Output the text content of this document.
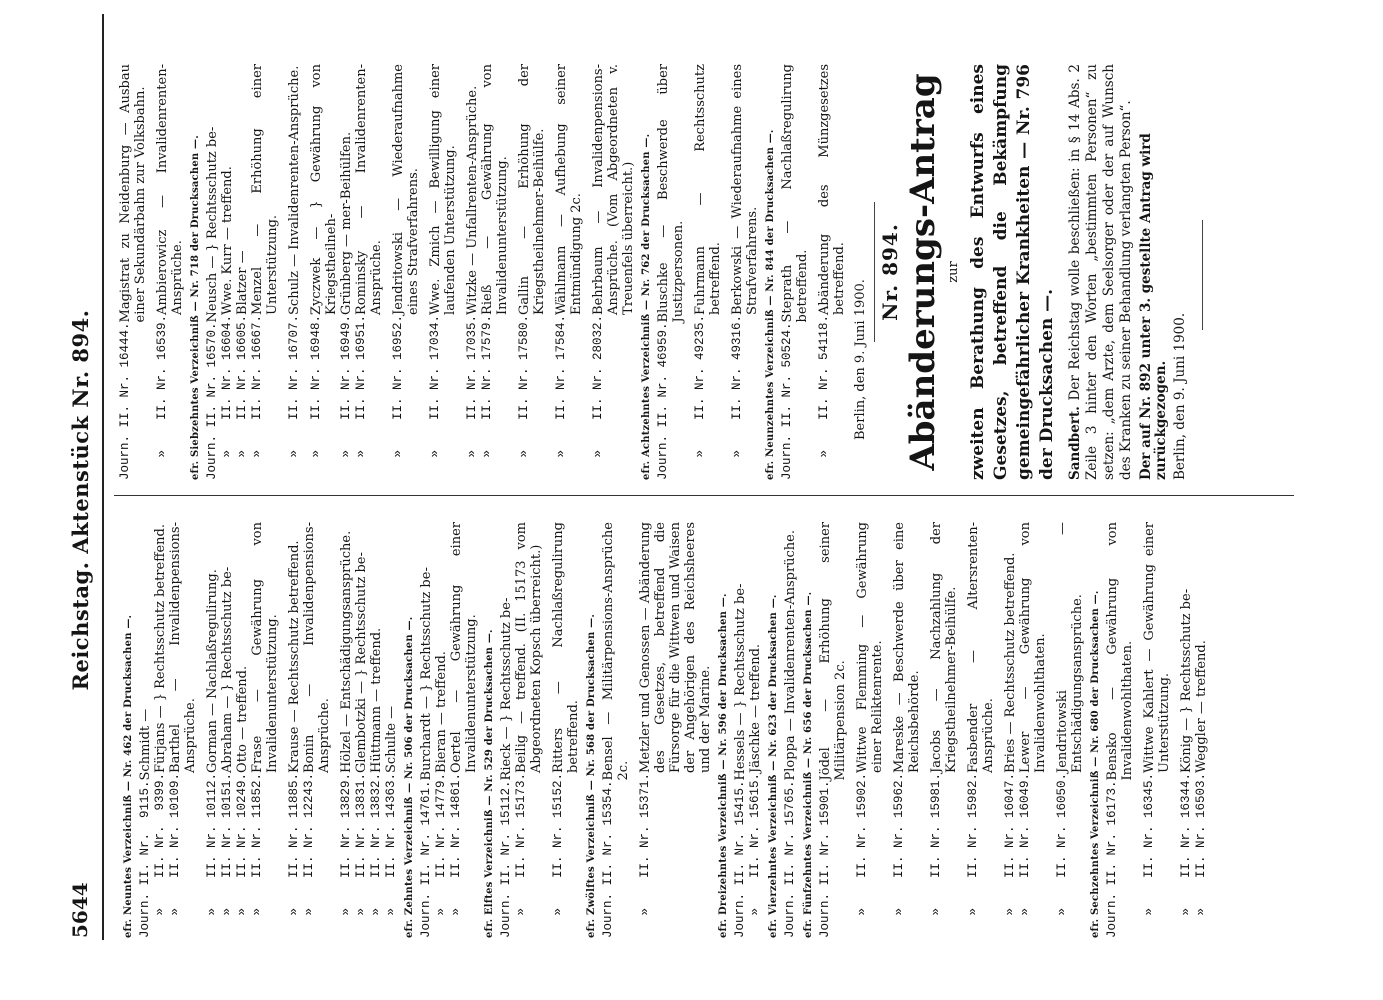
5644
Reichstag. Aktenstück Nr. 894.
efr. Neuntes Verzeichniß — Nr. 462 der Drucksachen —. Journ. II. Nr.  9115.
Schmidt —
»    II. Nr.  9399.
Fürjans — } Rechtsschutz betreffend.
»    II. Nr. 10109.
Barthel — Invalidenpensions-Ansprüche.
»    II. Nr. 10112.
Gorman — Nachlaßregulirung.
»    II. Nr. 10151.
Abraham — } Rechtsschutz be-
»    II. Nr. 10249.
Otto — treffend.
»    II. Nr. 11852.
Frase — Gewährung von Invalidenunterstützung.
»    II. Nr. 11885.
Krause — Rechtsschutz betreffend.
»    II. Nr. 12243.
Bonin — Invalidenpensions-Ansprüche.
»    II. Nr. 13829.
Hölzel — Entschädigungsansprüche.
»    II. Nr. 13831.
Glembotzki — } Rechtsschutz be-
»    II. Nr. 13832.
Hüttmann — treffend.
»    II. Nr. 14363.
Schulte — efr. Zehntes Verzeichniß — Nr. 506 der Drucksachen —. Journ. II. Nr. 14761.
Burchardt — } Rechtsschutz be-
»    II. Nr. 14779.
Bieran — treffend.
»    II. Nr. 14861.
Oertel — Gewährung einer Invalidenunterstützung. efr. Elftes Verzeichniß — Nr. 529 der Drucksachen —. Journ. II. Nr. 15112.
Rieck — } Rechtsschutz be-
»    II. Nr. 15173.
Beilig — treffend. (II. 15173 vom Abgeordneten Kopsch überreicht.)
»    II. Nr. 15152.
Ritters — Nachlaßregulirung betreffend. efr. Zwölftes Verzeichniß — Nr. 568 der Drucksachen —. Journ. II. Nr. 15354.
Bensel — Militärpensions-Ansprüche 2c.
»    II. Nr. 15371.
Metzler und Genossen — Abänderung des Gesetzes, betreffend die Fürsorge für die Wittwen und Waisen der Angehörigen des Reichsheeres und der Marine. efr. Dreizehntes Verzeichniß — Nr. 596 der Drucksachen —. Journ. II. Nr. 15415.
Hessels — } Rechtsschutz be-
»    II. Nr. 15615.
Jäschke — treffend. efr. Vierzehntes Verzeichniß — Nr. 623 der Drucksachen —. Journ. II. Nr. 15765.
Ploppa — Invalidenrenten-Ansprüche. efr. Fünfzehntes Verzeichniß — Nr. 656 der Drucksachen —. Journ. II. Nr. 15901.
Jödel — Erhöhung seiner Militärpension 2c.
»    II. Nr. 15902.
Wittwe Flemming — Gewährung einer Reliktenrente.
»    II. Nr. 15962.
Mareske — Beschwerde über eine Reichsbehörde.
»    II. Nr. 15981.
Jacobs — Nachzahlung der Kriegstheilnehmer-Beihülfe.
»    II. Nr. 15982.
Fasbender — Altersrenten-Ansprüche.
»    II. Nr. 16047.
Bries — Rechtsschutz betreffend.
»    II. Nr. 16049.
Lewer — Gewährung von Invalidenwohlthaten.
»    II. Nr. 16050.
Jendritowski — Entschädigungsansprüche. efr. Sechzehntes Verzeichniß — Nr. 680 der Drucksachen —. Journ. II. Nr. 16173.
Bensko — Gewährung von Invalidenwohlthaten.
»    II. Nr. 16345.
Wittwe Kahlert — Gewährung einer Unterstützung.
»    II. Nr. 16344.
König — } Rechtsschutz be-
»    II. Nr. 16503.
Weggler — treffend.
Journ. II. Nr. 16444.
Magistrat zu Neidenburg — Ausbau einer Sekundärbahn zur Volksbahn.
»    II. Nr. 16539.
Ambierowicz — Invalidenrenten-Ansprüche. efr. Siebzehntes Verzeichniß — Nr. 718 der Drucksachen —. Journ. II. Nr. 16570.
Neusch — } Rechtsschutz be-
»    II. Nr. 16604.
Wwe. Kurr — treffend.
»    II. Nr. 16605.
Blatzer —
»    II. Nr. 16667.
Menzel — Erhöhung einer Unterstützung.
»    II. Nr. 16707.
Schulz — Invalidenrenten-Ansprüche.
»    II. Nr. 16948.
Zyczwek — } Gewährung von Kriegstheilneh-
»    II. Nr. 16949.
Grünberg — mer-Beihülfen.
»    II. Nr. 16951.
Rominsky — Invalidenrenten-Ansprüche.
»    II. Nr. 16952.
Jendritowski — Wiederaufnahme eines Strafverfahrens.
»    II. Nr. 17034.
Wwe. Zmich — Bewilligung einer laufenden Unterstützung.
»    II. Nr. 17035.
Witzke — Unfallrenten-Ansprüche.
»    II. Nr. 17579.
Rieß — Gewährung von Invalidenunterstützung.
»    II. Nr. 17580.
Gallin — Erhöhung der Kriegstheilnehmer-Beihülfe.
»    II. Nr. 17584.
Wählmann — Aufhebung seiner Entmündigung 2c.
»    II. Nr. 28032.
Behrbaum — Invalidenpensions-Ansprüche. (Vom Abgeordneten v. Treuenfels überreicht.) efr. Achtzehntes Verzeichniß — Nr. 762 der Drucksachen —. Journ. II. Nr. 46959.
Bluschke — Beschwerde über Justizpersonen.
»    II. Nr. 49235.
Fuhrmann — Rechtsschutz betreffend.
»    II. Nr. 49316.
Berkowski — Wiederaufnahme eines Strafverfahrens. efr. Neunzehntes Verzeichniß — Nr. 844 der Drucksachen —. Journ. II. Nr. 50524.
Steprath — Nachlaßregulirung betreffend.
»    II. Nr. 54118.
Abänderung des Münzgesetzes betreffend.
Berlin, den 9. Juni 1900.
Nr. 894. Abänderungs-Antrag zur zweiten Berathung des Entwurfs eines Gesetzes, betreffend die Bekämpfung gemeingefährlicher Krankheiten — Nr. 796 der Drucksachen —. Sandbert. Der Reichstag wolle beschließen: in § 14 Abs. 2 Zeile 3 hinter den Worten „bestimmten Personen“ zu setzen: „dem Arzte, dem Seelsorger oder der auf Wunsch des Kranken zu seiner Behandlung verlangten Person“. Der auf Nr. 892 unter 3. gestellte Antrag wird zurückgezogen. Berlin, den 9. Juni 1900.
